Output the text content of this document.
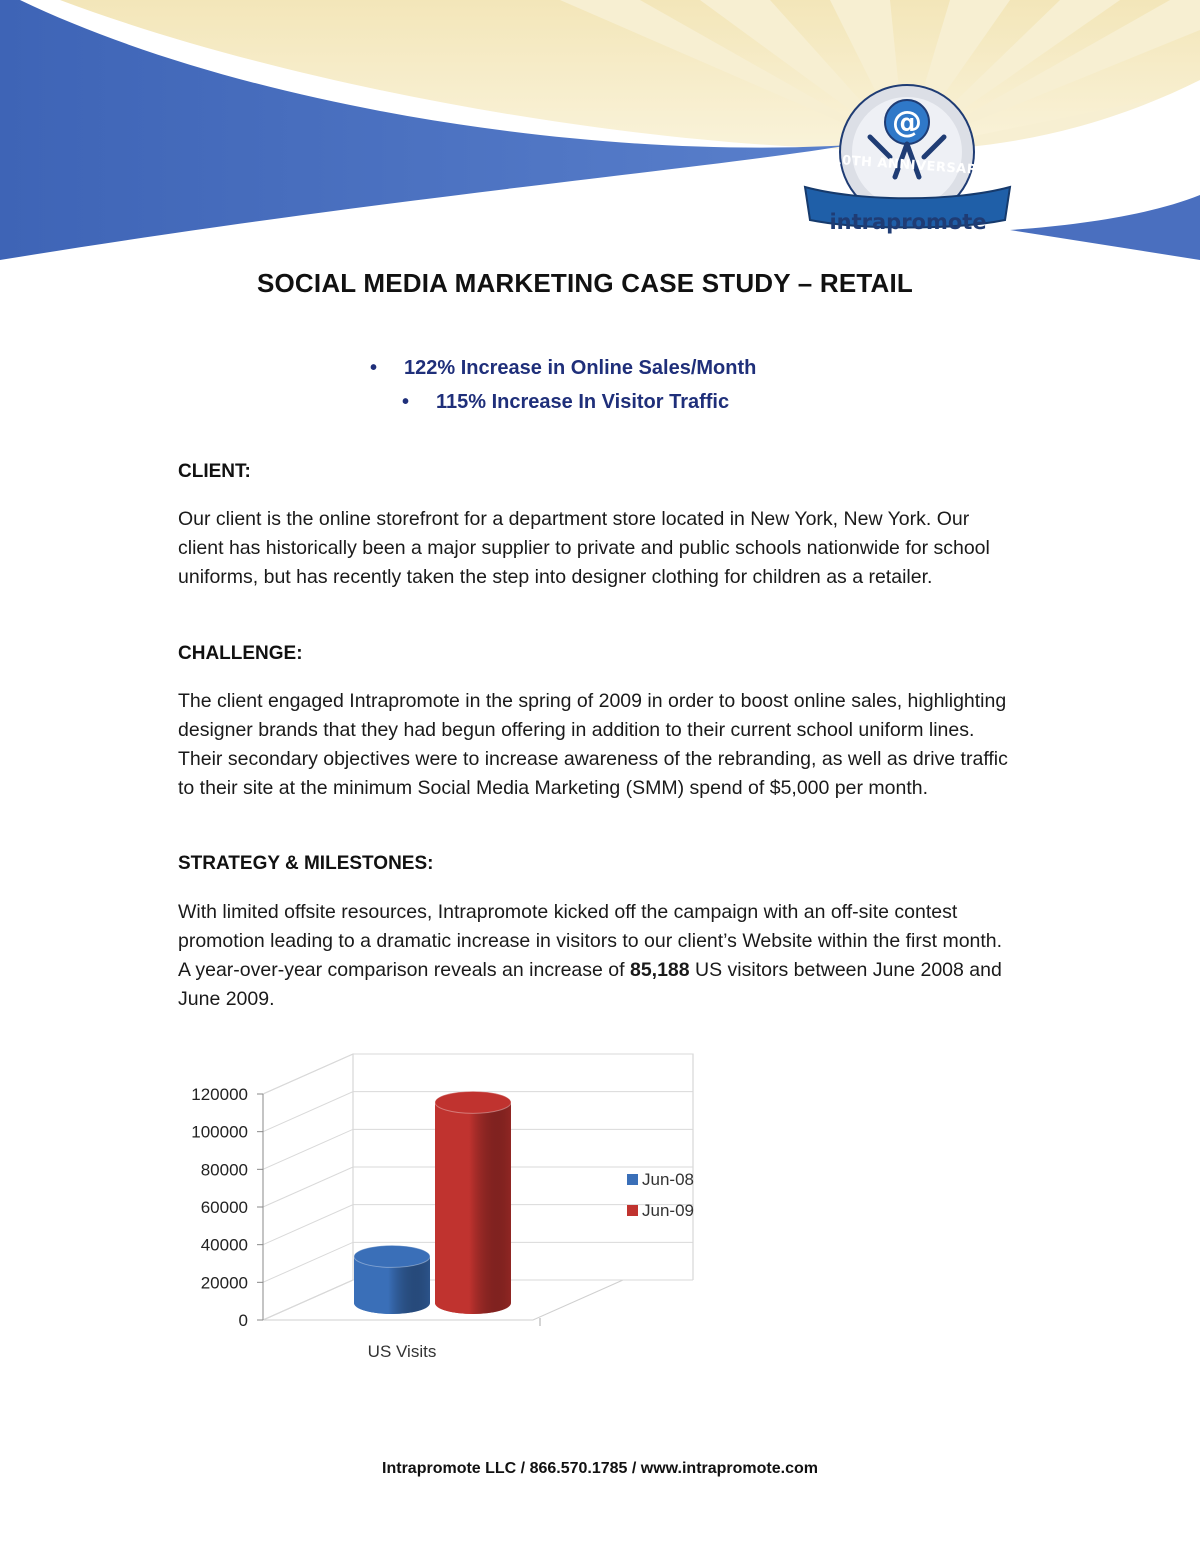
@
10TH ANNIVERSARY
intrapromote
SOCIAL MEDIA MARKETING CASE STUDY – RETAIL

• 122% Increase in Online Sales/Month

• 115% Increase In Visitor Traffic

CLIENT:

Our client is the online storefront for a department store located in New York, New York. Our client has historically been a major supplier to private and public schools nationwide for school uniforms, but has recently taken the step into designer clothing for children as a retailer.

CHALLENGE:

The client engaged Intrapromote in the spring of 2009 in order to boost online sales, highlighting designer brands that they had begun offering in addition to their current school uniform lines. Their secondary objectives were to increase awareness of the rebranding, as well as drive traffic to their site at the minimum Social Media Marketing (SMM) spend of $5,000 per month.

STRATEGY & MILESTONES:

With limited offsite resources, Intrapromote kicked off the campaign with an off-site contest promotion leading to a dramatic increase in visitors to our client’s Website within the first month. A year-over-year comparison reveals an increase of 85,188 US visitors between June 2008 and June 2009.

0
20000
40000
60000
80000
100000
120000
US Visits
Jun-08
Jun-09
Intrapromote LLC / 866.570.1785 / www.intrapromote.com
